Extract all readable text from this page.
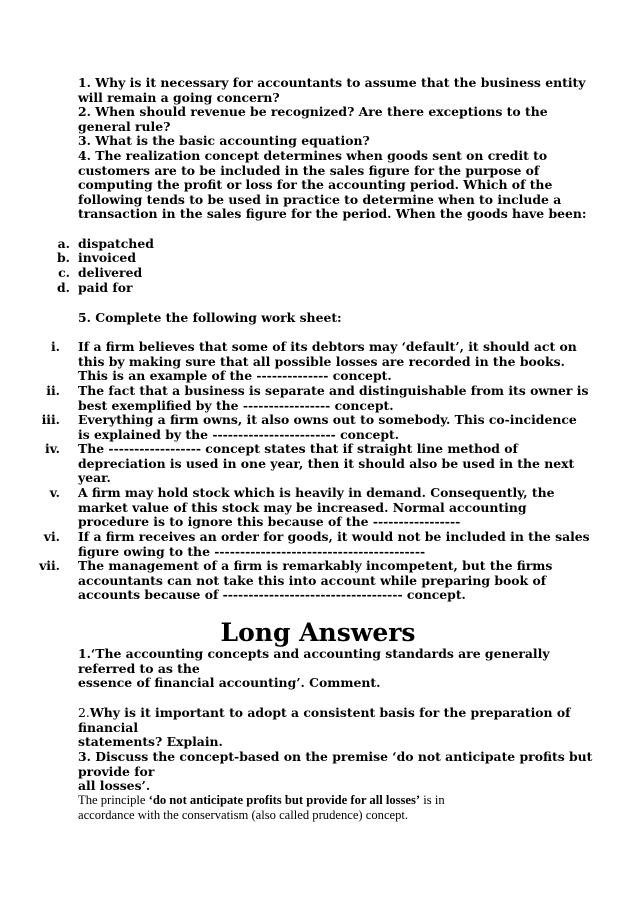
1. Why is it necessary for accountants to assume that the business entity
will remain a going concern?
2. When should revenue be recognized? Are there exceptions to the
general rule?
3. What is the basic accounting equation?
4. The realization concept determines when goods sent on credit to
customers are to be included in the sales figure for the purpose of
computing the profit or loss for the accounting period. Which of the
following tends to be used in practice to determine when to include a
transaction in the sales figure for the period. When the goods have been:
a. dispatched
b. invoiced
c. delivered
d. paid for
5. Complete the following work sheet:
i. If a firm believes that some of its debtors may ‘default’, it should act on
this by making sure that all possible losses are recorded in the books.
This is an example of the -------------- concept.
ii. The fact that a business is separate and distinguishable from its owner is
best exemplified by the ----------------- concept.
iii. Everything a firm owns, it also owns out to somebody. This co-incidence
is explained by the ------------------------ concept.
iv. The ------------------ concept states that if straight line method of
depreciation is used in one year, then it should also be used in the next
year.
v. A firm may hold stock which is heavily in demand. Consequently, the
market value of this stock may be increased. Normal accounting
procedure is to ignore this because of the -----------------
vi. If a firm receives an order for goods, it would not be included in the sales
figure owing to the -----------------------------------------
vii. The management of a firm is remarkably incompetent, but the firms
accountants can not take this into account while preparing book of
accounts because of ----------------------------------- concept.
Long Answers
1.‘The accounting concepts and accounting standards are generally
referred to as the
essence of financial accounting’. Comment.
2.Why is it important to adopt a consistent basis for the preparation of
financial
statements? Explain.
3. Discuss the concept-based on the premise ‘do not anticipate profits but
provide for
all losses’.
The principle ‘do not anticipate profits but provide for all losses’ is in
accordance with the conservatism (also called prudence) concept.
